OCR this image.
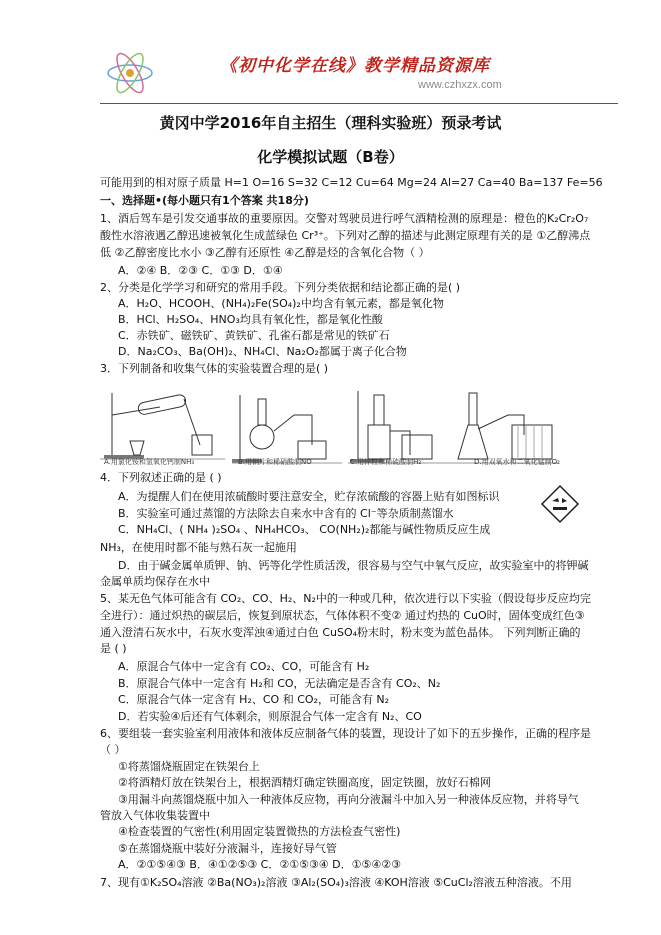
《初中化学在线》教学精品资源库
www.czhxzx.com
黄冈中学2016年自主招生（理科实验班）预录考试
化学模拟试题（B卷）
可能用到的相对原子质量 H=1 O=16 S=32 C=12 Cu=64 Mg=24 Al=27 Ca=40 Ba=137 Fe=56
一、选择题•(每小题只有1个答案 共18分)
1、酒后驾车是引发交通事故的重要原因。交警对驾驶员进行呼气酒精检测的原理是：橙色的K₂Cr₂O₇
酸性水溶液遇乙醇迅速被氧化生成蓝绿色 Cr³⁺。下列对乙醇的描述与此测定原理有关的是 ①乙醇沸点
低 ②乙醇密度比水小 ③乙醇有还原性 ④乙醇是烃的含氧化合物（ ）
A．②④ B．②③ C．①③ D．①④
2、分类是化学学习和研究的常用手段。下列分类依据和结论都正确的是( )
A．H₂O、HCOOH、(NH₄)₂Fe(SO₄)₂中均含有氧元素，都是氧化物
B．HCl、H₂SO₄、HNO₃均具有氧化性，都是氧化性酸
C．赤铁矿、磁铁矿、黄铁矿、孔雀石都是常见的铁矿石
D．Na₂CO₃、Ba(OH)₂、NH₄Cl、Na₂O₂都属于离子化合物
3．下列制备和收集气体的实验装置合理的是( )
A.用氯化铵和氢氧化钙制NH₃	B.用铜片和稀硝酸制NO	C.用锌粒和稀硫酸制H₂	D.用双氧水和二氧化锰制O₂
4．下列叙述正确的是 ( )
A．为提醒人们在使用浓硫酸时要注意安全，贮存浓硫酸的容器上贴有如图标识
B．实验室可通过蒸馏的方法除去自来水中含有的 Cl⁻等杂质制蒸馏水
C．NH₄Cl、( NH₄ )₂SO₄ 、NH₄HCO₃、 CO(NH₂)₂都能与碱性物质反应生成
NH₃，在使用时都不能与熟石灰一起施用
D．由于碱金属单质钾、钠、钙等化学性质活泼，很容易与空气中氧气反应，故实验室中的将钾碱
金属单质均保存在水中
5、某无色气体可能含有 CO₂、CO、H₂、N₂中的一种或几种，依次进行以下实验（假设每步反应均完
全进行）：通过炽热的碳层后，恢复到原状态，气体体积不变② 通过灼热的 CuO时，固体变成红色③
通入澄清石灰水中，石灰水变浑浊④通过白色 CuSO₄粉末时，粉末变为蓝色晶体。 下列判断正确的
是 ( )
A．原混合气体中一定含有 CO₂、CO，可能含有 H₂
B．原混合气体中一定含有 H₂和 CO，无法确定是否含有 CO₂、N₂
C．原混合气体一定含有 H₂、CO 和 CO₂，可能含有 N₂
D．若实验④后还有气体剩余，则原混合气体一定含有 N₂、CO
6、要组装一套实验室利用液体和液体反应制备气体的装置，现设计了如下的五步操作，正确的程序是
（ ）
①将蒸馏烧瓶固定在铁架台上
②将酒精灯放在铁架台上，根据酒精灯确定铁圈高度，固定铁圈，放好石棉网
③用漏斗向蒸馏烧瓶中加入一种液体反应物，再向分液漏斗中加入另一种液体反应物，并将导气
管放入气体收集装置中
④检查装置的气密性(利用固定装置微热的方法检查气密性)
⑤在蒸馏烧瓶中装好分液漏斗，连接好导气管
A．②①⑤④③ B．④①②⑤③ C．②①⑤③④ D．①⑤④②③
7、现有①K₂SO₄溶液 ②Ba(NO₃)₂溶液 ③Al₂(SO₄)₃溶液 ④KOH溶液 ⑤CuCl₂溶液五种溶液。不用
